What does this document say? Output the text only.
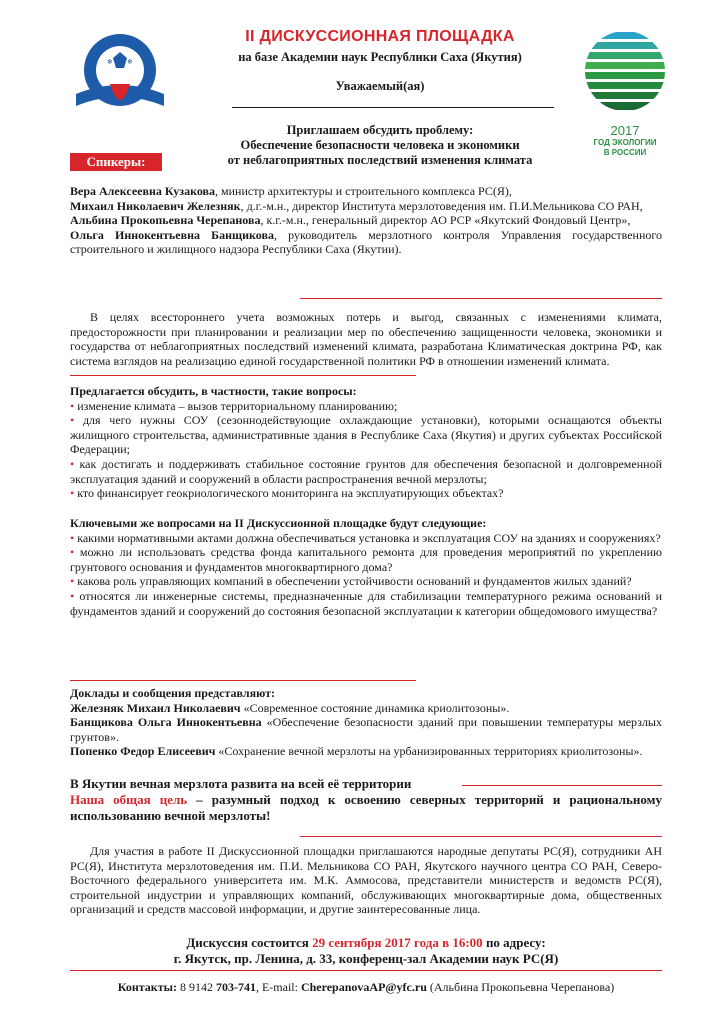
❄ ❄
II ДИСКУССИОННАЯ ПЛОЩАДКА
на базе Академии наук Республики Саха (Якутия)
Уважаемый(ая)
Приглашаем обсудить проблему:
Обеспечение безопасности человека и экономики
от неблагоприятных последствий изменения климата
Спикеры:
2017
ГОД ЭКОЛОГИИ
В РОССИИ

Вера Алексеевна Кузакова, министр архитектуры и строительного комплекса РС(Я),

Михаил Николаевич Железняк, д.г.-м.н., директор Института мерзлотоведения им. П.И.Мельникова СО РАН,

Альбина Прокопьевна Черепанова, к.г.-м.н., генеральный директор АО РСР «Якутский Фондовый Центр»,

Ольга Иннокентьевна Банщикова, руководитель мерзлотного контроля Управления государственного строительного и жилищного надзора Республики Саха (Якутии).

В целях всестороннего учета возможных потерь и выгод, связанных с изменениями климата, предосторожности при планировании и реализации мер по обеспечению защищенности человека, экономики и государства от неблагоприятных последствий изменений климата, разработана Климатическая доктрина РФ, как система взглядов на реализацию единой государственной политики РФ в отношении изменений климата.

Предлагается обсудить, в частности, такие вопросы:

• изменение климата – вызов территориальному планированию;
• для чего нужны СОУ (сезоннодействующие охлаждающие установки), которыми оснащаются объекты жилищного строительства, административные здания в Республике Саха (Якутия) и других субъектах Российской Федерации;
• как достигать и поддерживать стабильное состояние грунтов для обеспечения безопасной и долговременной эксплуатация зданий и сооружений в области распространения вечной мерзлоты;
• кто финансирует геокриологического мониторинга на эксплуатирующих объектах?

Ключевыми же вопросами на II Дискуссионной площадке будут следующие:

• какими нормативными актами должна обеспечиваться установка и эксплуатация СОУ на зданиях и сооружениях?
• можно ли использовать средства фонда капитального ремонта для проведения мероприятий по укреплению грунтового основания и фундаментов многоквартирного дома?
• какова роль управляющих компаний в обеспечении устойчивости оснований и фундаментов жилых зданий?
• относятся ли инженерные системы, предназначенные для стабилизации температурного режима оснований и фундаментов зданий и сооружений до состояния безопасной эксплуатации к категории общедомового имущества?

Доклады и сообщения представляют:

Железняк Михаил Николаевич «Современное состояние динамика криолитозоны».

Банщикова Ольга Иннокентьевна «Обеспечение безопасности зданий при повышении температуры мерзлых грунтов».

Попенко Федор Елисеевич «Сохранение вечной мерзлоты на урбанизированных территориях криолитозоны».

В Якутии вечная мерзлота развита на всей её территории

Наша общая цель – разумный подход к освоению северных территорий и рациональному использованию вечной мерзлоты!

Для участия в работе II Дискуссионной площадки приглашаются народные депутаты РС(Я), сотрудники АН РС(Я), Института мерзлотоведения им. П.И. Мельникова СО РАН, Якутского научного центра СО РАН, Северо-Восточного федерального университета им. М.К. Аммосова, представители министерств и ведомств РС(Я), строительной индустрии и управляющих компаний, обслуживающих многоквартирные дома, общественных организаций и средств массовой информации, и другие заинтересованные лица.

Дискуссия состоится 29 сентября 2017 года в 16:00 по адресу:

г. Якутск, пр. Ленина, д. 33, конференц-зал Академии наук РС(Я)

Контакты: 8 9142 703-741, E-mail: CherepanovaAP@yfc.ru (Альбина Прокопьевна Черепанова)
